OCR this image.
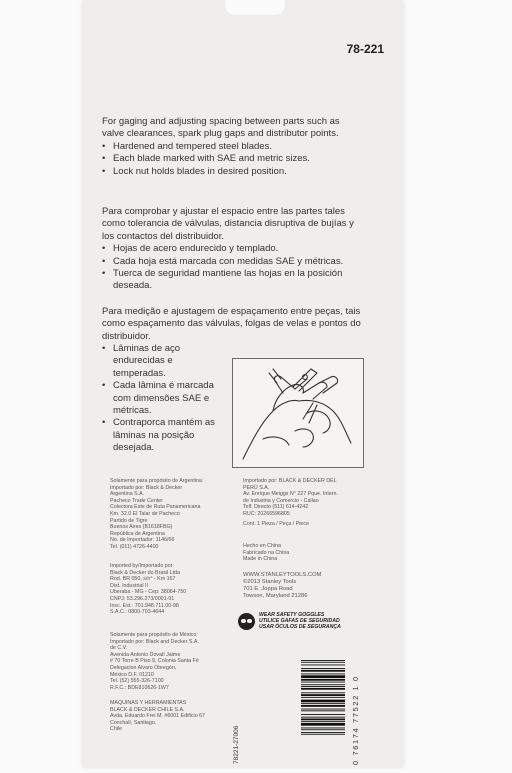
78-221

For gaging and adjusting spacing between parts such as valve clearances, spark plug gaps and distributor points.

• Hardened and tempered steel blades.
• Each blade marked with SAE and metric sizes.
• Lock nut holds blades in desired position.

Para comprobar y ajustar el espacio entre las partes tales como tolerancia de válvulas, distancia disruptiva de bujías y los contactos del distribuidor.

• Hojas de acero endurecido y templado.
• Cada hoja está marcada con medidas SAE y métricas.
• Tuerca de seguridad mantiene las hojas en la posición deseada.

Para medição e ajustagem de espaçamento entre peças, tais como espaçamento das válvulas, folgas de velas e pontos do distribuidor.

• Lâminas de aço endurecidas e temperadas.
• Cada lâmina é marcada com dimensões SAE e métricas.
• Contraporca mantém as lâminas na posição desejada.
Solamente para propósito de Argentina:
Importado por: Black & Decker
Argentina S.A.
Pacheco Trade Center
Colectora Este de Ruta Panamericana
Km. 32.0 El Talar de Pacheco
Partido de Tigre
Buenos Aires (B1618FBG)
República de Argentina
No. de Importador: 1146/66
Tel. (011) 4726-4400
Imported by/Importado por:
Black & Decker do Brasil Ltda
Rod. BR 050, s/n° - Km 167
Dist. Industrial II
Uberaba - MG - Cep: 38064-750
CNPJ: 53.296.273/0001-91
Insc. Est.: 701.948.711.00-98
S.A.C.: 0800-703-4644
Solamente para propósito de México:
Importado por: Black and Decker S.A.
de C.V.
Avenida Antonio Dovalí Jaime
# 70 Torre B Piso 9, Colonia Santa Fé
Delegacion Alvaro Obregón,
México D.F. 01210
Tel. (52) 555-326-7100
R.F.C.: BDE810626-1W7
MAQUINAS Y HERRAMIENTAS
BLACK & DECKER CHILE S.A.
Avda. Eduardo Frei M. #6001 Edificio 67
Conchalí, Santiago.
Chile
Importado por: BLACK & DECKER DEL
PERÚ S.A.
Av. Enrique Meiggs N° 227 Pque. Intern.
de Industria y Comercio - Callao
Telf. Directo (511) 614-4242
RUC: 20266596805
Cont. 1 Pieza / Peça / Piece
Hecho en China
Fabricado na China
Made in China
WWW.STANLEYTOOLS.COM
©2013 Stanley Tools
701 E. Joppa Road
Towson, Maryland 21286
WEAR SAFETY GOGGLES
UTILICE GAFAS DE SEGURIDAD
USAR ÓCULOS DE SEGURANÇA
78221-27006	0 76174 77522 1 0
